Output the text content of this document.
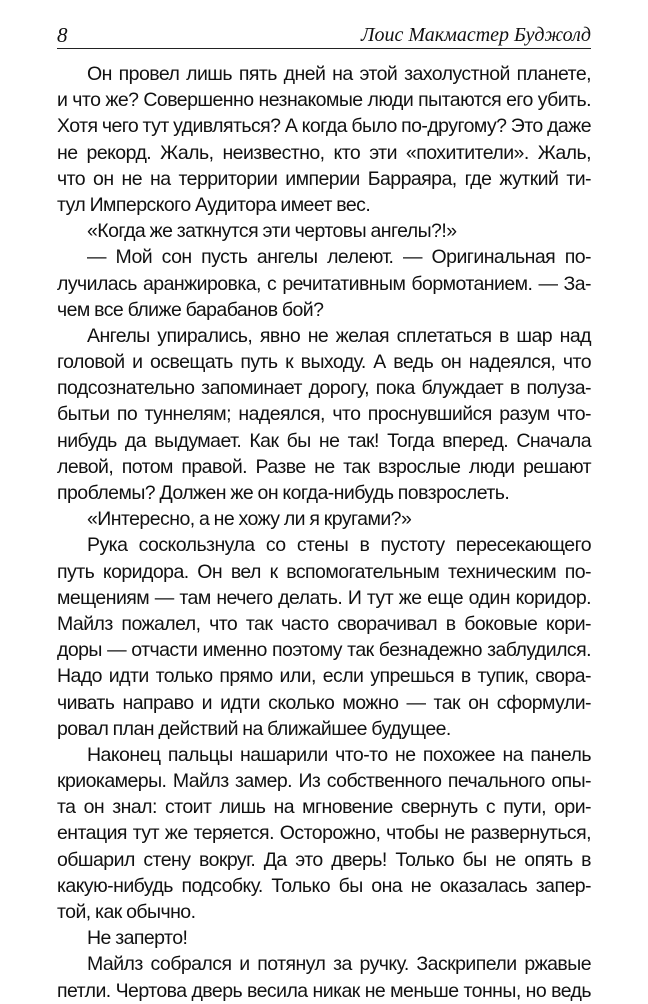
8	Лоис Макмастер Буджолд
Он провел лишь пять дней на этой захолустной планете,
и что же? Совершенно незнакомые люди пытаются его убить.
Хотя чего тут удивляться? А когда было по-другому? Это даже
не рекорд. Жаль, неизвестно, кто эти «похитители». Жаль,
что он не на территории империи Барраяра, где жуткий ти-
тул Имперского Аудитора имеет вес.
«Когда же заткнутся эти чертовы ангелы?!»
— Мой сон пусть ангелы лелеют. — Оригинальная по-
лучилась аранжировка, с речитативным бормотанием. — За-
чем все ближе барабанов бой?
Ангелы упирались, явно не желая сплетаться в шар над
головой и освещать путь к выходу. А ведь он надеялся, что
подсознательно запоминает дорогу, пока блуждает в полуза-
бытьи по туннелям; надеялся, что проснувшийся разум что-
нибудь да выдумает. Как бы не так! Тогда вперед. Сначала
левой, потом правой. Разве не так взрослые люди решают
проблемы? Должен же он когда-нибудь повзрослеть.
«Интересно, а не хожу ли я кругами?»
Рука соскользнула со стены в пустоту пересекающего
путь коридора. Он вел к вспомогательным техническим по-
мещениям — там нечего делать. И тут же еще один коридор.
Майлз пожалел, что так часто сворачивал в боковые кори-
доры — отчасти именно поэтому так безнадежно заблудился.
Надо идти только прямо или, если упрешься в тупик, свора-
чивать направо и идти сколько можно — так он сформули-
ровал план действий на ближайшее будущее.
Наконец пальцы нашарили что-то не похожее на панель
криокамеры. Майлз замер. Из собственного печального опы-
та он знал: стоит лишь на мгновение свернуть с пути, ори-
ентация тут же теряется. Осторожно, чтобы не развернуться,
обшарил стену вокруг. Да это дверь! Только бы не опять в
какую-нибудь подсобку. Только бы она не оказалась запер-
той, как обычно.
Не заперто!
Майлз собрался и потянул за ручку. Заскрипели ржавые
петли. Чертова дверь весила никак не меньше тонны, но ведь
